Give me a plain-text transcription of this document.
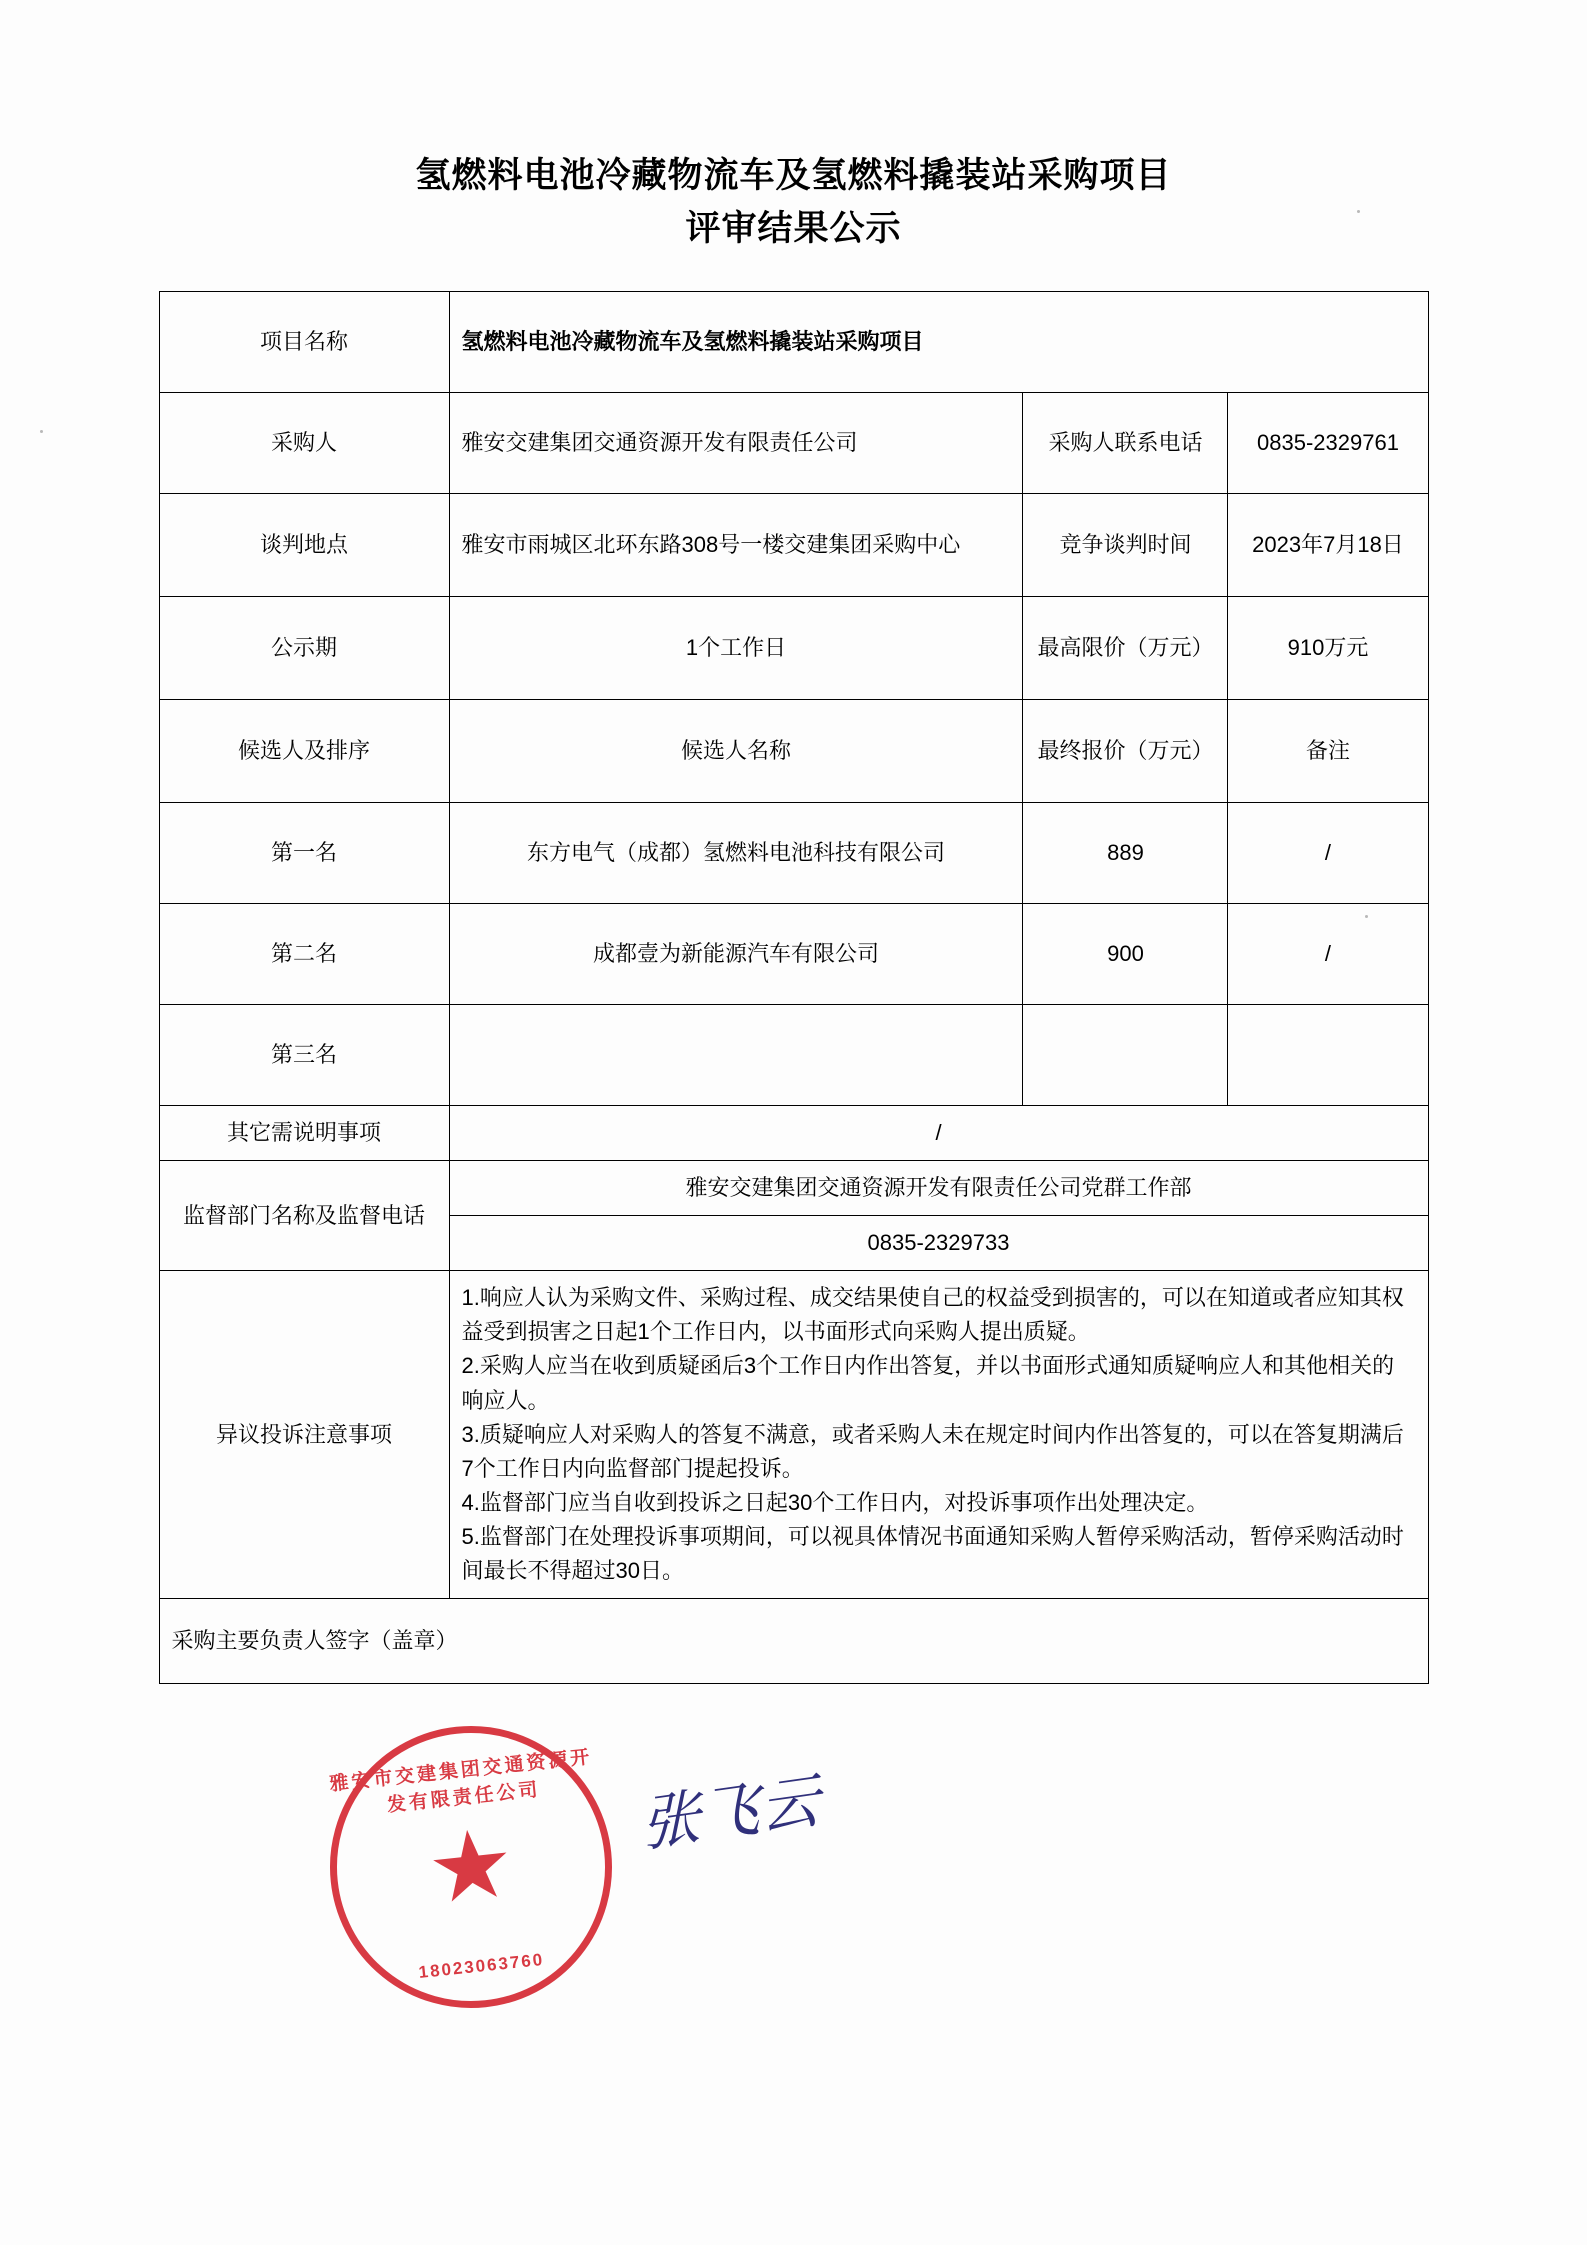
氢燃料电池冷藏物流车及氢燃料撬装站采购项目
评审结果公示
项目名称	氢燃料电池冷藏物流车及氢燃料撬装站采购项目		
采购人	雅安交建集团交通资源开发有限责任公司	采购人联系电话	0835-2329761
谈判地点	雅安市雨城区北环东路308号一楼交建集团采购中心	竞争谈判时间	2023年7月18日
公示期	1个工作日	最高限价（万元）	910万元
候选人及排序	候选人名称	最终报价（万元）	备注
第一名	东方电气（成都）氢燃料电池科技有限公司	889	/
第二名	成都壹为新能源汽车有限公司	900	/
第三名			
其它需说明事项	/		
监督部门名称及监督电话	雅安交建集团交通资源开发有限责任公司党群工作部		
	0835-2329733		
异议投诉注意事项	1.响应人认为采购文件、采购过程、成交结果使自己的权益受到损害的，可以在知道或者应知其权益受到损害之日起1个工作日内，以书面形式向采购人提出质疑。

2.采购人应当在收到质疑函后3个工作日内作出答复，并以书面形式通知质疑响应人和其他相关的响应人。

3.质疑响应人对采购人的答复不满意，或者采购人未在规定时间内作出答复的，可以在答复期满后7个工作日内向监督部门提起投诉。

4.监督部门应当自收到投诉之日起30个工作日内，对投诉事项作出处理决定。

5.监督部门在处理投诉事项期间，可以视具体情况书面通知采购人暂停采购活动，暂停采购活动时间最长不得超过30日。		

采购主要负责人签字（盖章）			
雅安市交建集团交通资源开发有限责任公司
18023063760
张飞云
